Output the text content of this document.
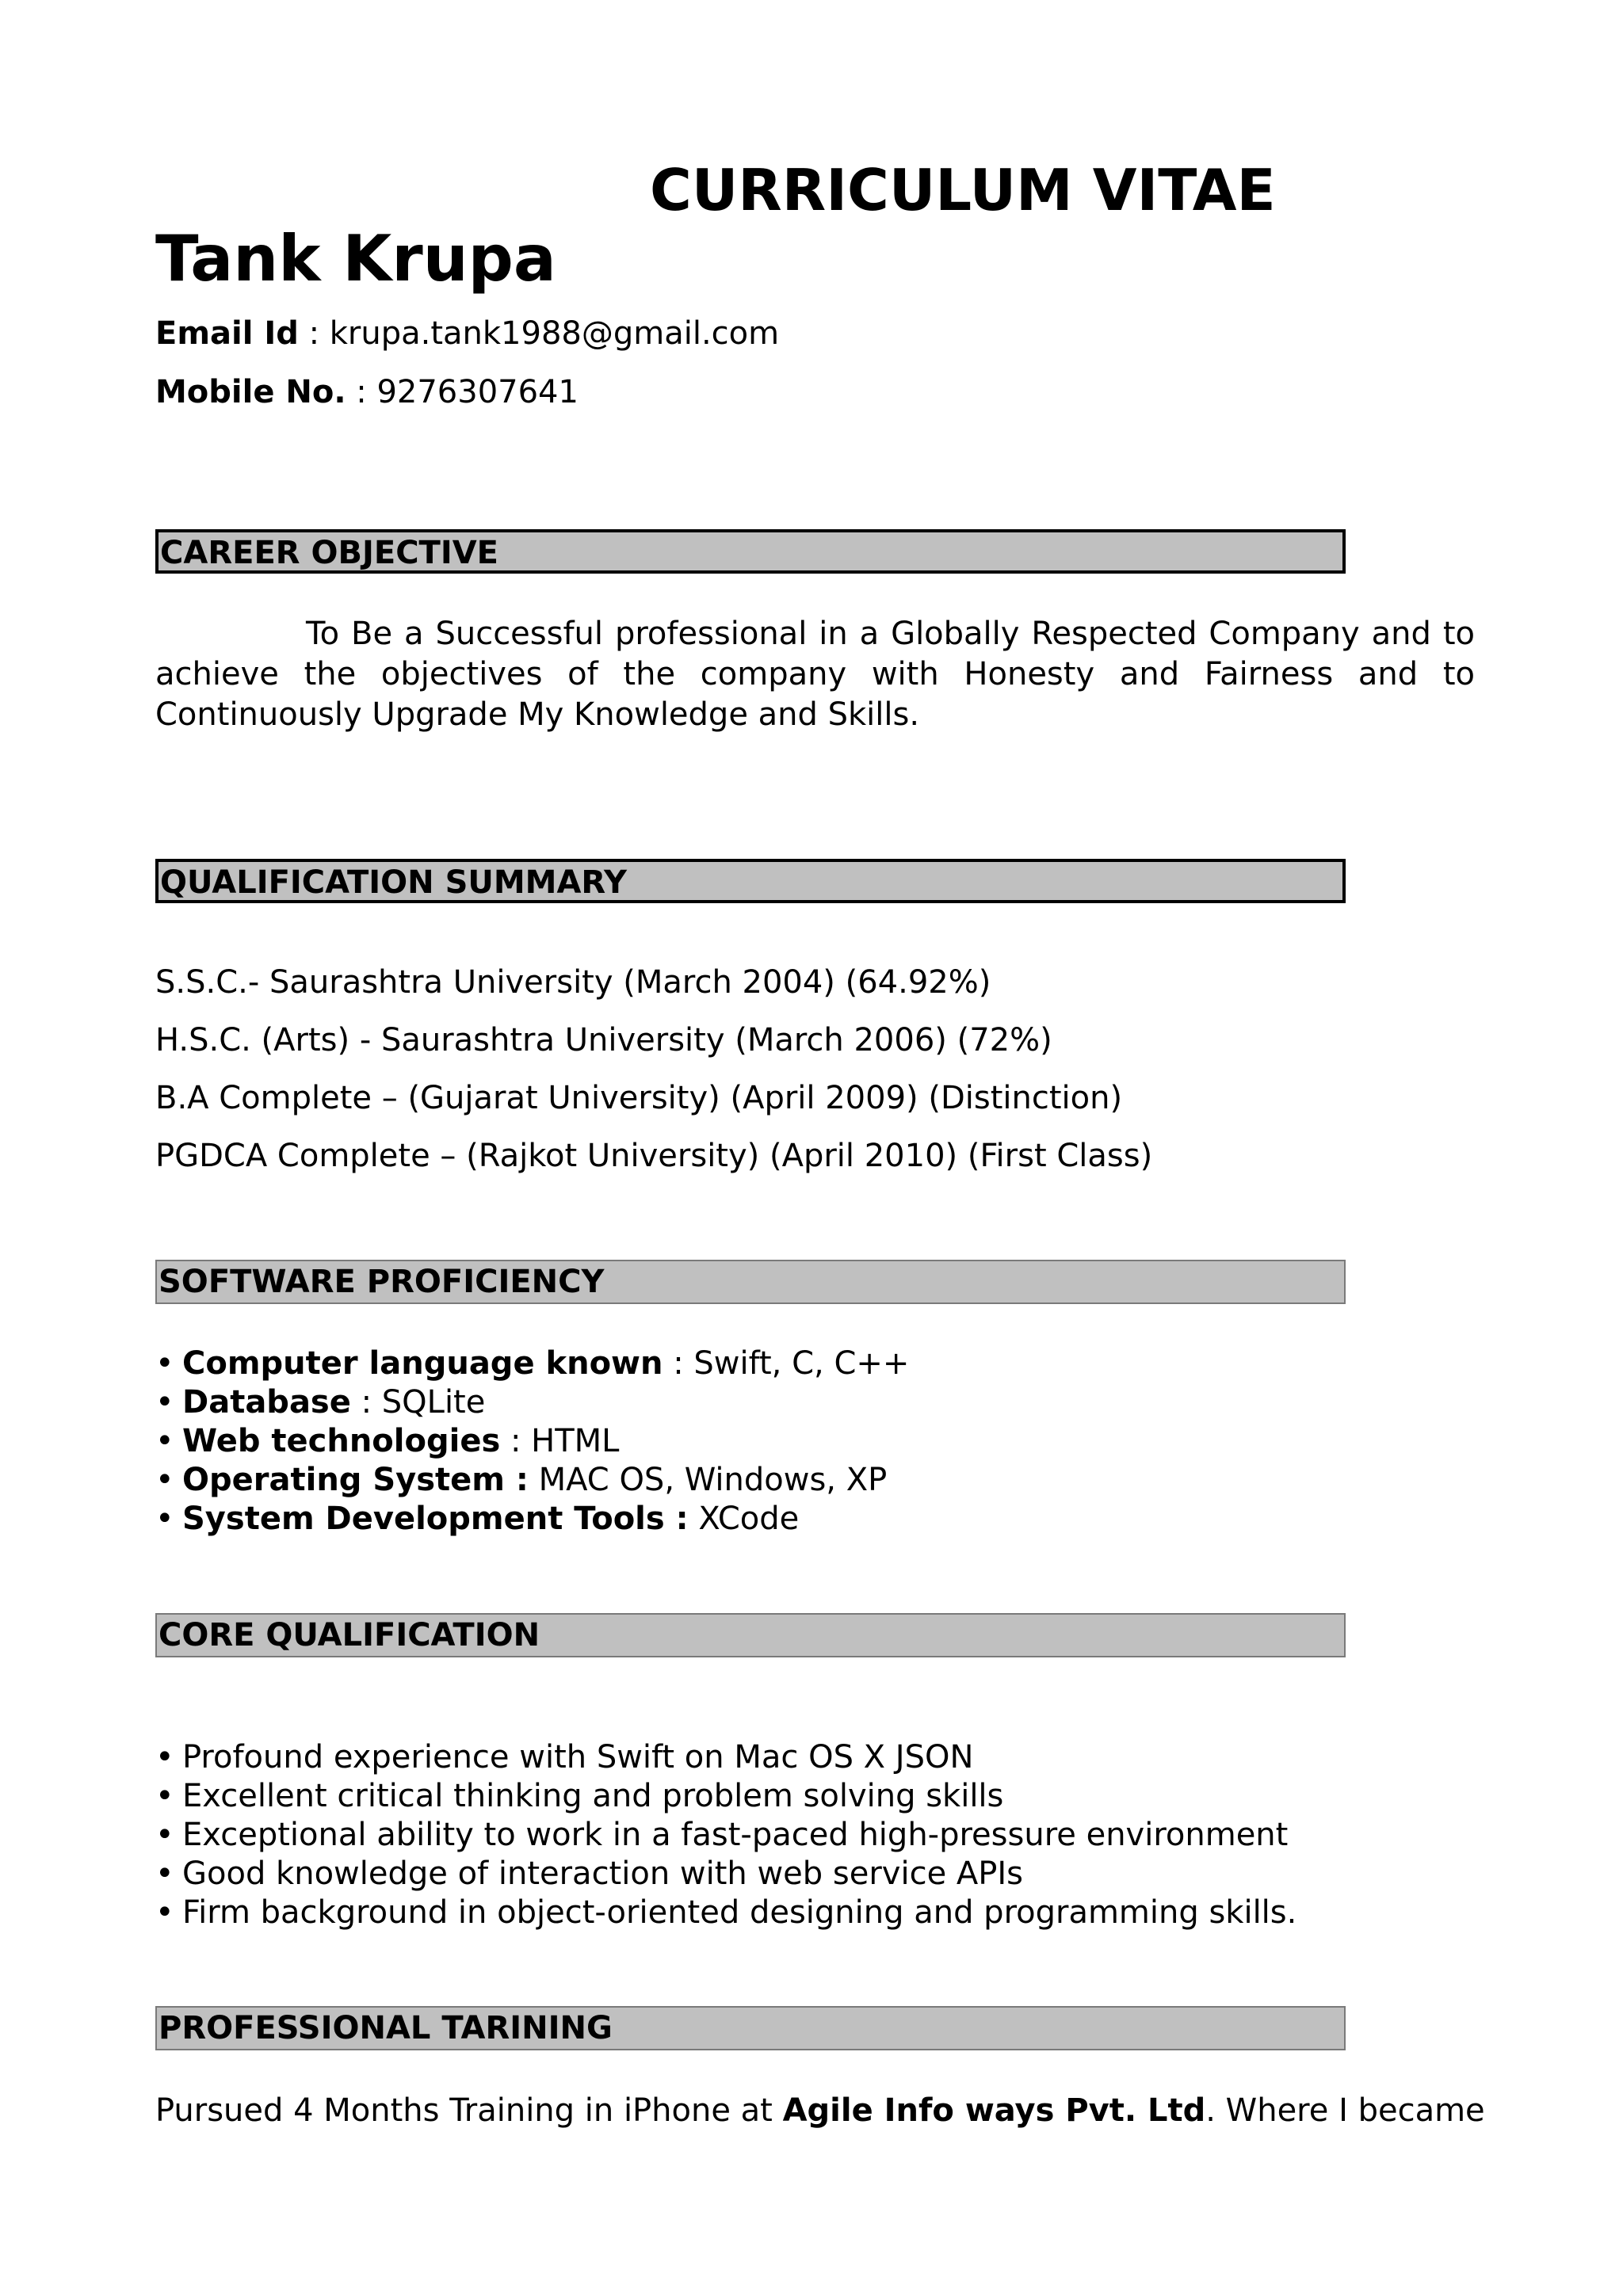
CURRICULUM VITAE
Tank Krupa
Email Id : krupa.tank1988@gmail.com
Mobile No. : 9276307641
CAREER OBJECTIVE
To Be a Successful professional in a Globally Respected Company and to achieve the objectives of the company with Honesty and Fairness and to Continuously Upgrade My Knowledge and Skills.
QUALIFICATION SUMMARY
S.S.C.- Saurashtra University (March 2004) (64.92%)
H.S.C. (Arts) - Saurashtra University (March 2006) (72%)
B.A Complete – (Gujarat University) (April 2009) (Distinction)
PGDCA Complete – (Rajkot University) (April 2010) (First Class)
SOFTWARE PROFICIENCY
• Computer language known : Swift, C, C++
• Database : SQLite
• Web technologies : HTML
• Operating System : MAC OS, Windows, XP
• System Development Tools : XCode
CORE QUALIFICATION
• Profound experience with Swift on Mac OS X JSON
• Excellent critical thinking and problem solving skills
• Exceptional ability to work in a fast-paced high-pressure environment
• Good knowledge of interaction with web service APIs
• Firm background in object-oriented designing and programming skills.
PROFESSIONAL TARINING
Pursued 4 Months Training in iPhone at Agile Info ways Pvt. Ltd. Where I became
